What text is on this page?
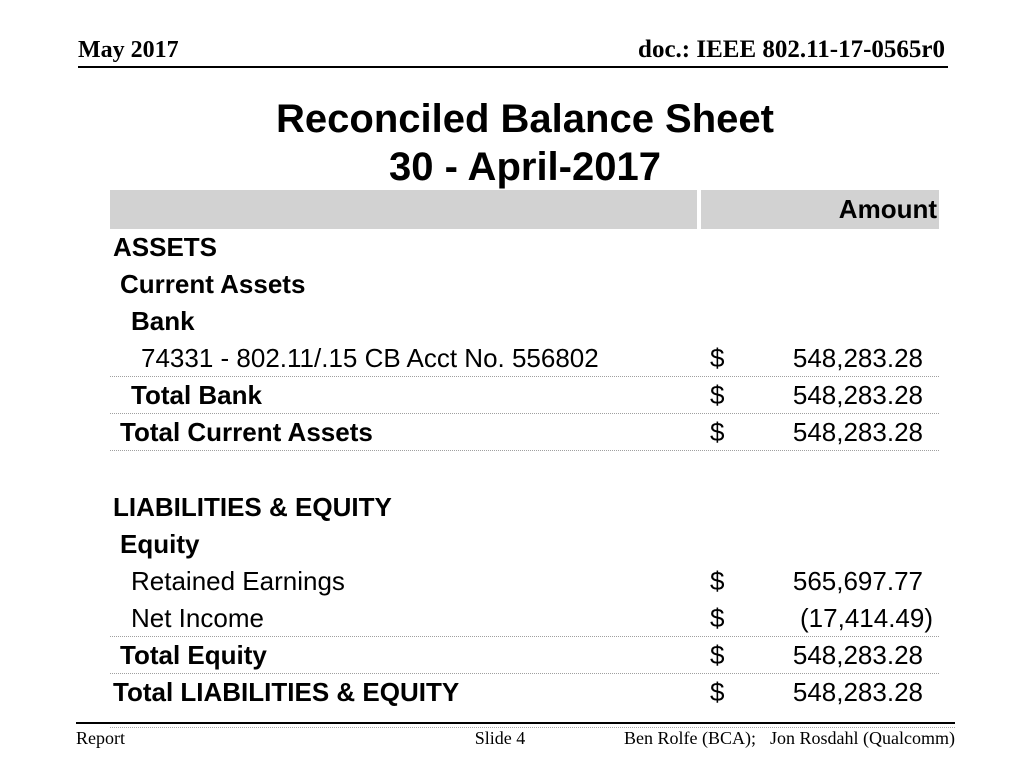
May 2017	doc.: IEEE 802.11-17-0565r0
Reconciled Balance Sheet
30 - April-2017
Amount
ASSETS
Current Assets
Bank
74331 - 802.11/.15 CB Acct No. 556802	$	548,283.28
Total Bank	$	548,283.28
Total Current Assets	$	548,283.28
LIABILITIES & EQUITY
Equity
Retained Earnings	$	565,697.77
Net Income	$	(17,414.49)
Total Equity	$	548,283.28
Total LIABILITIES & EQUITY	$	548,283.28
Report	Slide 4	Ben Rolfe (BCA); Jon Rosdahl (Qualcomm)
